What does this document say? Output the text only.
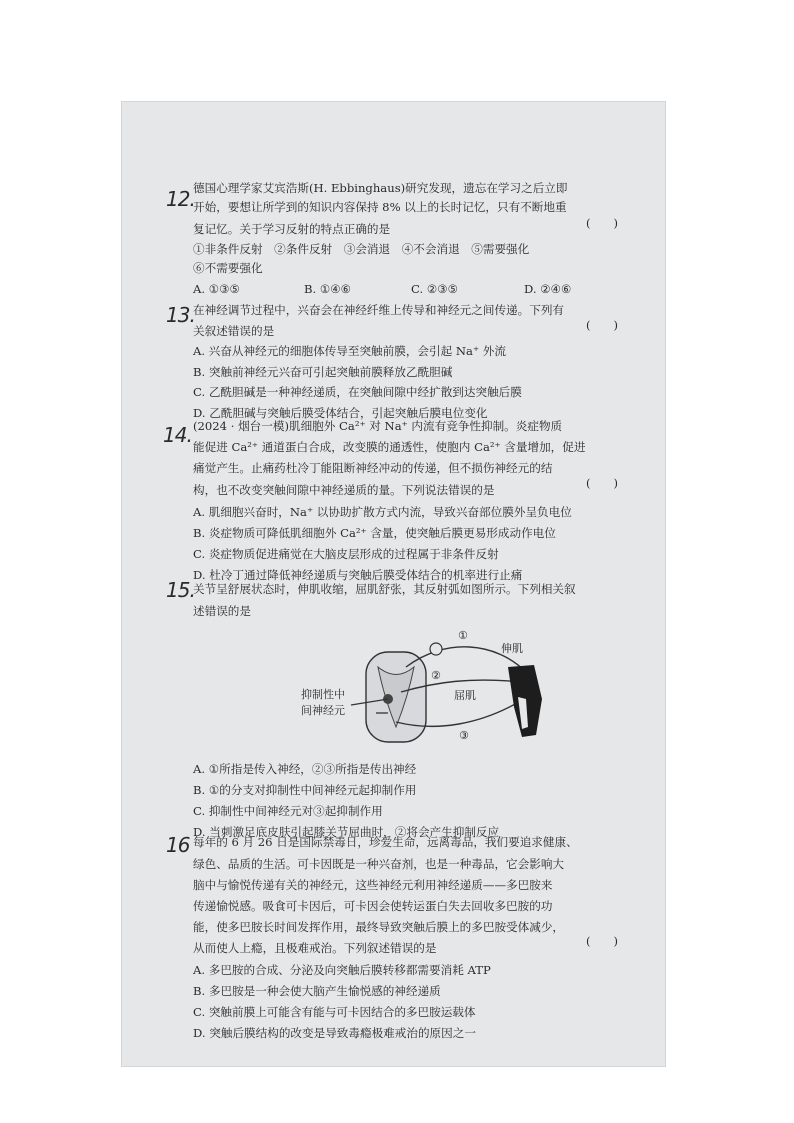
12.
德国心理学家艾宾浩斯(H. Ebbinghaus)研究发现，遗忘在学习之后立即
开始，要想让所学到的知识内容保持 8% 以上的长时记忆，只有不断地重
(　　)
复记忆。关于学习反射的特点正确的是
①非条件反射　②条件反射　③会消退　④不会消退　⑤需要强化
⑥不需要强化
A. ①③⑤	B. ①④⑥	C. ②③⑤	D. ②④⑥
13.
在神经调节过程中，兴奋会在神经纤维上传导和神经元之间传递。下列有
(　　)
关叙述错误的是
A. 兴奋从神经元的细胞体传导至突触前膜，会引起 Na⁺ 外流
B. 突触前神经元兴奋可引起突触前膜释放乙酰胆碱
C. 乙酰胆碱是一种神经递质，在突触间隙中经扩散到达突触后膜
D. 乙酰胆碱与突触后膜受体结合，引起突触后膜电位变化
14. (2024 · 烟台一模)肌细胞外 Ca²⁺ 对 Na⁺ 内流有竞争性抑制。炎症物质
能促进 Ca²⁺ 通道蛋白合成，改变膜的通透性，使胞内 Ca²⁺ 含量增加，促进
痛觉产生。止痛药杜冷丁能阻断神经冲动的传递，但不损伤神经元的结
(　　)
构，也不改变突触间隙中神经递质的量。下列说法错误的是
A. 肌细胞兴奋时，Na⁺ 以协助扩散方式内流，导致兴奋部位膜外呈负电位
B. 炎症物质可降低肌细胞外 Ca²⁺ 含量，使突触后膜更易形成动作电位
C. 炎症物质促进痛觉在大脑皮层形成的过程属于非条件反射
D. 杜冷丁通过降低神经递质与突触后膜受体结合的机率进行止痛
15.
关节呈舒展状态时，伸肌收缩，屈肌舒张，其反射弧如图所示。下列相关叙
述错误的是
伸肌
屈肌
①
②
③
抑制性中
间神经元
A. ①所指是传入神经，②③所指是传出神经
B. ①的分支对抑制性中间神经元起抑制作用
C. 抑制性中间神经元对③起抑制作用
D. 当刺激足底皮肤引起膝关节屈曲时，②将会产生抑制反应
16 每年的 6 月 26 日是国际禁毒日，珍爱生命，远离毒品，我们要追求健康、
绿色、品质的生活。可卡因既是一种兴奋剂，也是一种毒品，它会影响大
脑中与愉悦传递有关的神经元，这些神经元利用神经递质——多巴胺来
传递愉悦感。吸食可卡因后，可卡因会使转运蛋白失去回收多巴胺的功
能，使多巴胺长时间发挥作用，最终导致突触后膜上的多巴胺受体减少，
(　　)
从而使人上瘾，且极难戒治。下列叙述错误的是
A. 多巴胺的合成、分泌及向突触后膜转移都需要消耗 ATP
B. 多巴胺是一种会使大脑产生愉悦感的神经递质
C. 突触前膜上可能含有能与可卡因结合的多巴胺运载体
D. 突触后膜结构的改变是导致毒瘾极难戒治的原因之一
